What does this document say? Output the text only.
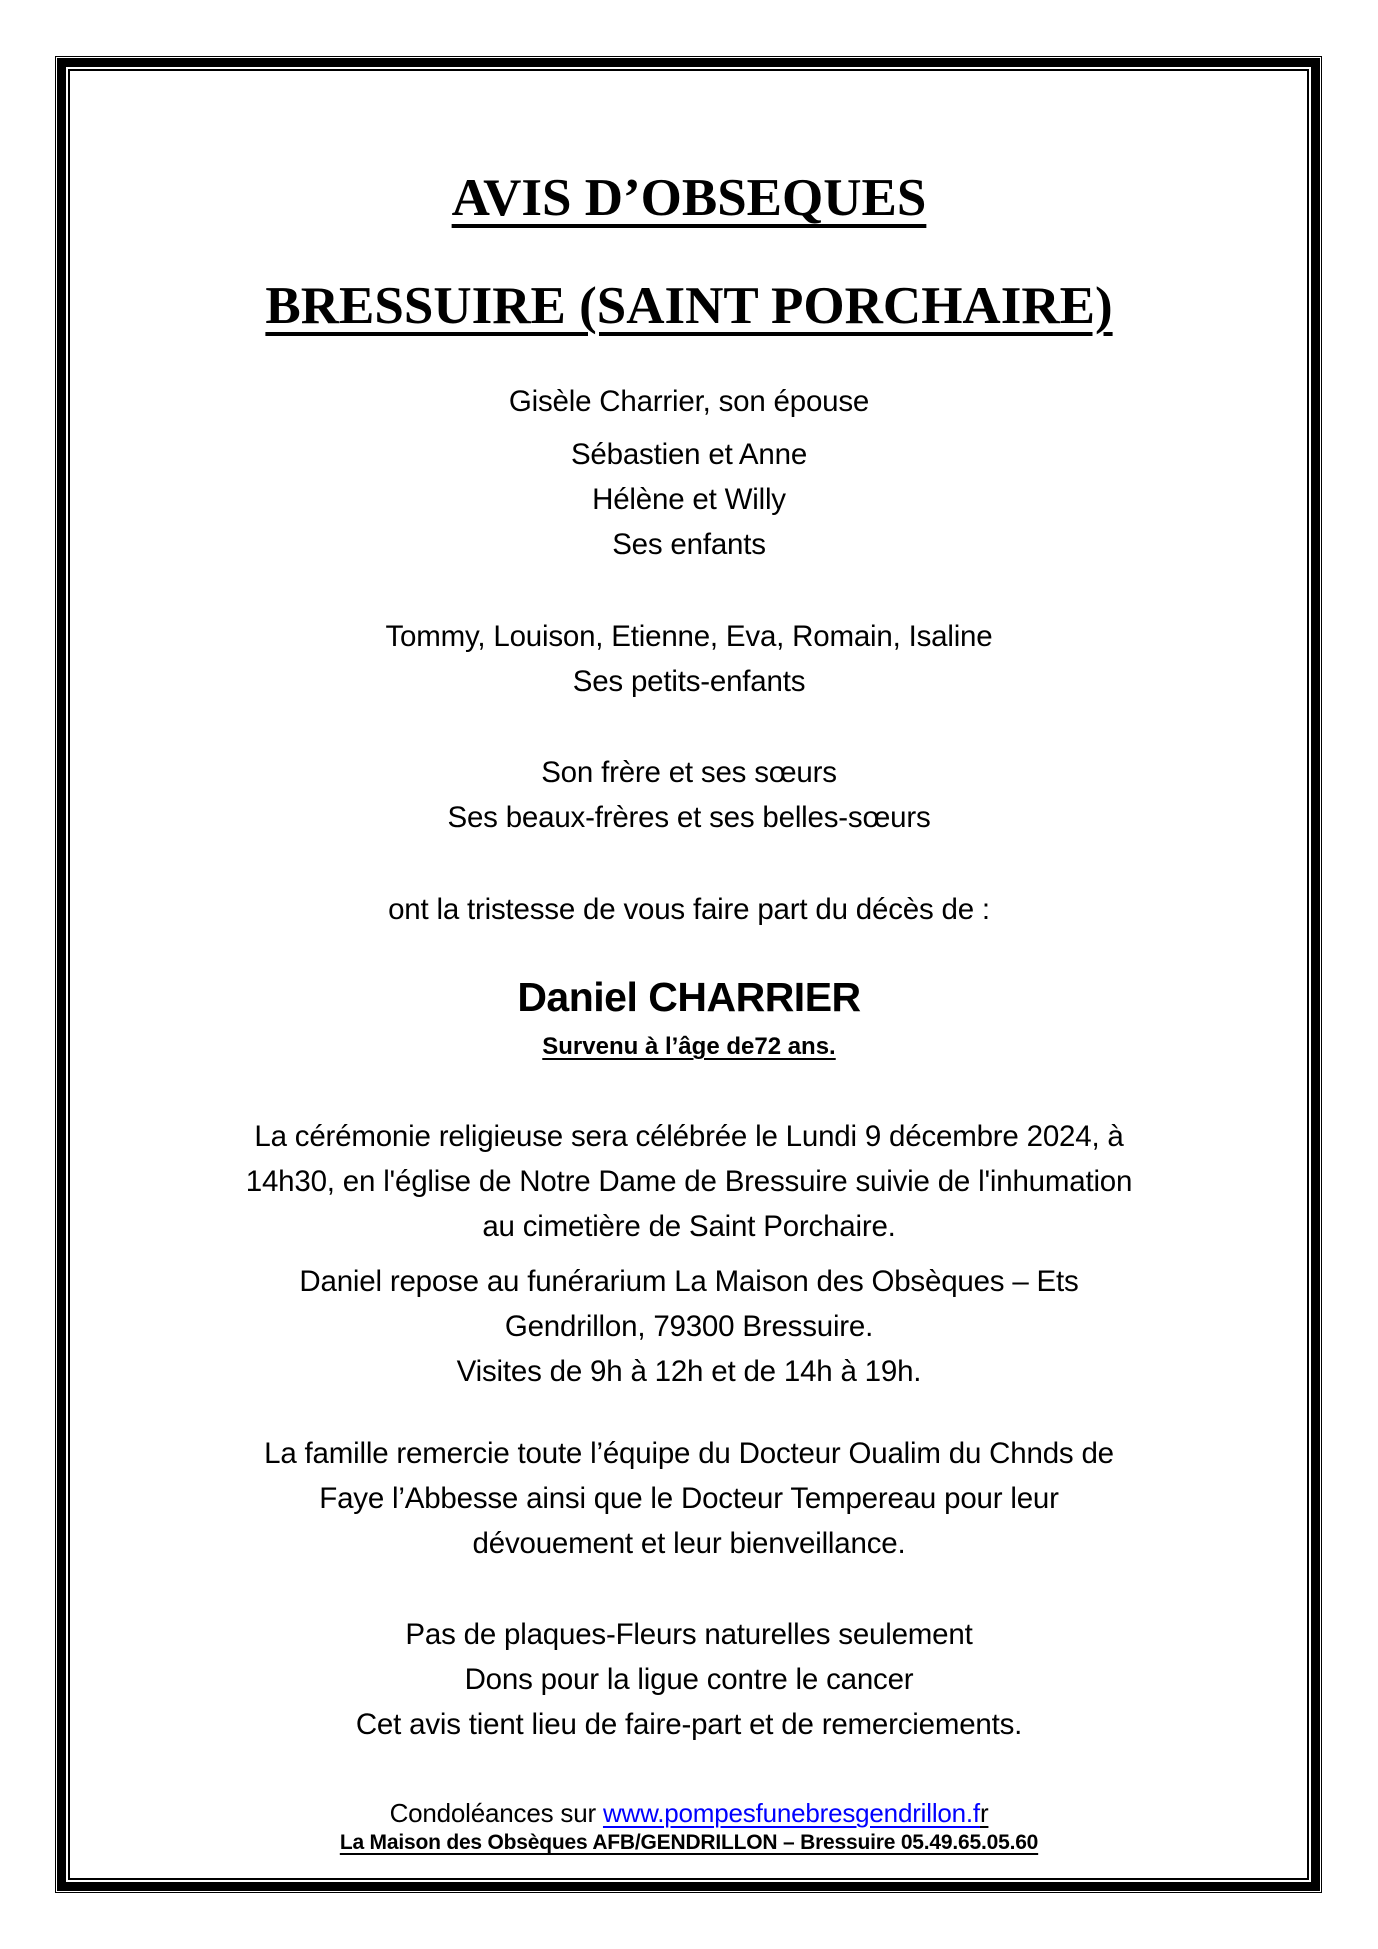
AVIS D’OBSEQUES
BRESSUIRE (SAINT PORCHAIRE)
Gisèle Charrier, son épouse
Sébastien et Anne
Hélène et Willy
Ses enfants
Tommy, Louison, Etienne, Eva, Romain, Isaline
Ses petits-enfants
Son frère et ses sœurs
Ses beaux-frères et ses belles-sœurs
ont la tristesse de vous faire part du décès de :
Daniel CHARRIER
Survenu à l’âge de72 ans.
La cérémonie religieuse sera célébrée le Lundi 9 décembre 2024, à
14h30, en l'église de Notre Dame de Bressuire suivie de l'inhumation
au cimetière de Saint Porchaire.
Daniel repose au funérarium La Maison des Obsèques – Ets
Gendrillon, 79300 Bressuire.
Visites de 9h à 12h et de 14h à 19h.
La famille remercie toute l’équipe du Docteur Oualim du Chnds de
Faye l’Abbesse ainsi que le Docteur Tempereau pour leur
dévouement et leur bienveillance.
Pas de plaques-Fleurs naturelles seulement
Dons pour la ligue contre le cancer
Cet avis tient lieu de faire-part et de remerciements.
Condoléances sur www.pompesfunebresgendrillon.fr
La Maison des Obsèques AFB/GENDRILLON – Bressuire 05.49.65.05.60
